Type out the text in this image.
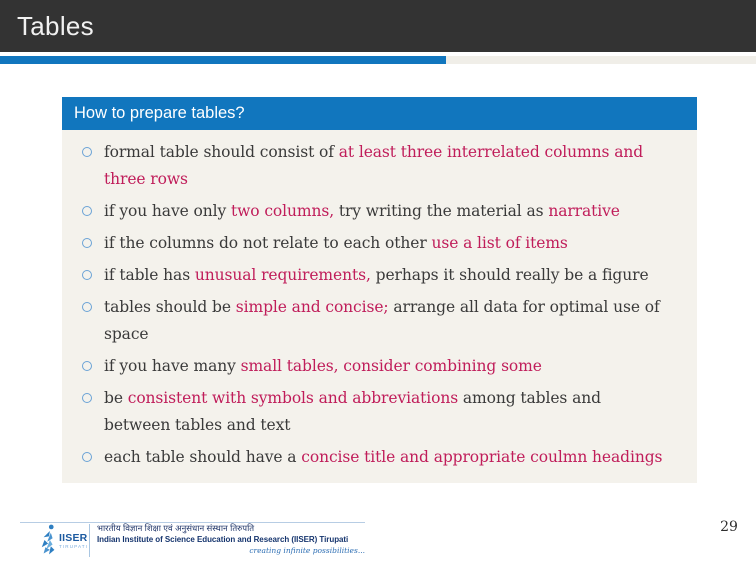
Tables
How to prepare tables?
formal table should consist of at least three interrelated columns and
three rows
if you have only two columns, try writing the material as narrative
if the columns do not relate to each other use a list of items
if table has unusual requirements, perhaps it should really be a figure
tables should be simple and concise; arrange all data for optimal use of
space
if you have many small tables, consider combining some
be consistent with symbols and abbreviations among tables and
between tables and text
each table should have a concise title and appropriate coulmn headings
IISER
TIRUPATI
भारतीय विज्ञान शिक्षा एवं अनुसंधान संस्थान तिरुपति
Indian Institute of Science Education and Research (IISER) Tirupati
creating infinite possibilities...
29
